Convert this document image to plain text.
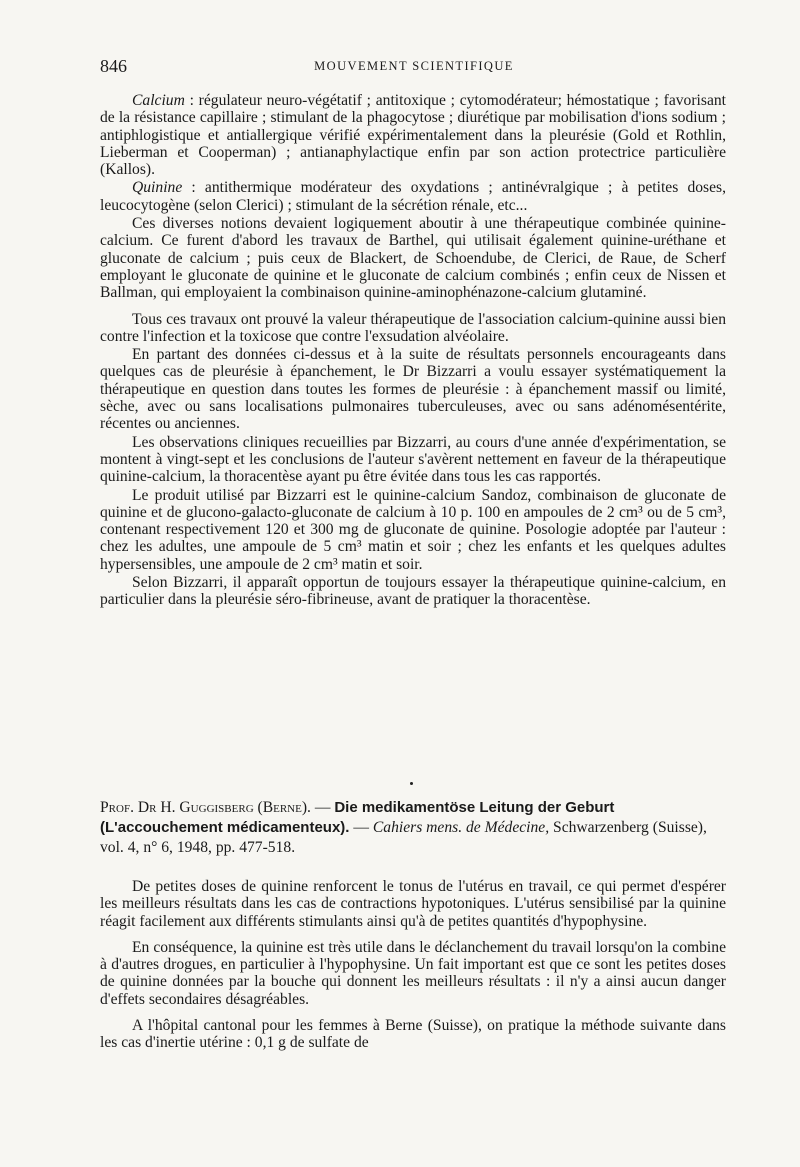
846	MOUVEMENT SCIENTIFIQUE

Calcium : régulateur neuro-végétatif ; antitoxique ; cytomodérateur; hémostatique ; favorisant de la résistance capillaire ; stimulant de la phagocytose ; diurétique par mobilisation d'ions sodium ; antiphlogistique et antiallergique vérifié expérimentalement dans la pleurésie (Gold et Rothlin, Lieberman et Cooperman) ; antianaphylactique enfin par son action protectrice particulière (Kallos).

Quinine : antithermique modérateur des oxydations ; antinévralgique ; à petites doses, leucocytogène (selon Clerici) ; stimulant de la sécrétion rénale, etc...

Ces diverses notions devaient logiquement aboutir à une thérapeutique combinée quinine-calcium. Ce furent d'abord les travaux de Barthel, qui utilisait également quinine-uréthane et gluconate de calcium ; puis ceux de Blackert, de Schoendube, de Clerici, de Raue, de Scherf employant le gluconate de quinine et le gluconate de calcium combinés ; enfin ceux de Nissen et Ballman, qui employaient la combinaison quinine-aminophénazone-calcium glutaminé.

Tous ces travaux ont prouvé la valeur thérapeutique de l'association calcium-quinine aussi bien contre l'infection et la toxicose que contre l'exsudation alvéolaire.

En partant des données ci-dessus et à la suite de résultats personnels encourageants dans quelques cas de pleurésie à épanchement, le Dr Bizzarri a voulu essayer systématiquement la thérapeutique en question dans toutes les formes de pleurésie : à épanchement massif ou limité, sèche, avec ou sans localisations pulmonaires tuberculeuses, avec ou sans adénomésentérite, récentes ou anciennes.

Les observations cliniques recueillies par Bizzarri, au cours d'une année d'expérimentation, se montent à vingt-sept et les conclusions de l'auteur s'avèrent nettement en faveur de la thérapeutique quinine-calcium, la thoracentèse ayant pu être évitée dans tous les cas rapportés.

Le produit utilisé par Bizzarri est le quinine-calcium Sandoz, combinaison de gluconate de quinine et de glucono-galacto-gluconate de calcium à 10 p. 100 en ampoules de 2 cm³ ou de 5 cm³, contenant respectivement 120 et 300 mg de gluconate de quinine. Posologie adoptée par l'auteur : chez les adultes, une ampoule de 5 cm³ matin et soir ; chez les enfants et les quelques adultes hypersensibles, une ampoule de 2 cm³ matin et soir.

Selon Bizzarri, il apparaît opportun de toujours essayer la thérapeutique quinine-calcium, en particulier dans la pleurésie séro-fibrineuse, avant de pratiquer la thoracentèse.

Prof. Dr H. Guggisberg (Berne). — Die medikamentöse Leitung der Geburt (L'accouchement médicamenteux). — Cahiers mens. de Médecine, Schwarzenberg (Suisse), vol. 4, n° 6, 1948, pp. 477-518.

De petites doses de quinine renforcent le tonus de l'utérus en travail, ce qui permet d'espérer les meilleurs résultats dans les cas de contractions hypotoniques. L'utérus sensibilisé par la quinine réagit facilement aux différents stimulants ainsi qu'à de petites quantités d'hypophysine.

En conséquence, la quinine est très utile dans le déclanchement du travail lorsqu'on la combine à d'autres drogues, en particulier à l'hypophysine. Un fait important est que ce sont les petites doses de quinine données par la bouche qui donnent les meilleurs résultats : il n'y a ainsi aucun danger d'effets secondaires désagréables.

A l'hôpital cantonal pour les femmes à Berne (Suisse), on pratique la méthode suivante dans les cas d'inertie utérine : 0,1 g de sulfate de
